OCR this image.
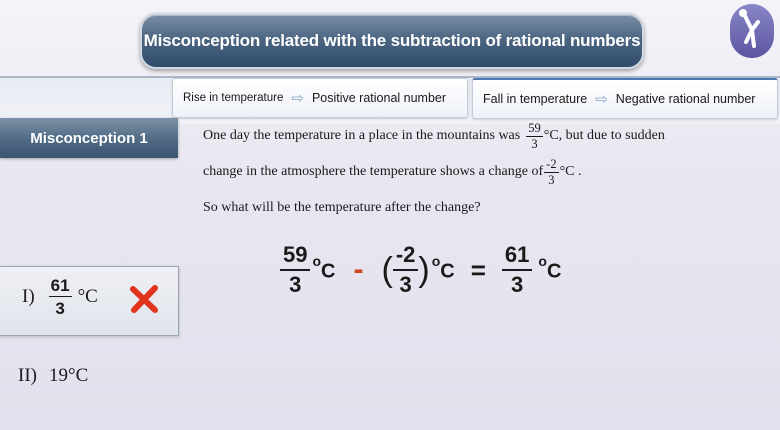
Misconception related with the subtraction of rational numbers
Rise in temperature ⇨ Positive rational number	Fall in temperature ⇨ Negative rational number
Misconception 1	One day the temperature in a place in the mountains was $\frac{59}{3} ^\circ C$, but due to sudden
change in the atmosphere the temperature shows a change of $\frac{-2}{3} ^\circ C$ .
So what will be the temperature after the change?
$\frac{59}{3} ^oC$ - ( $\frac{-2}{3}$ ) $^oC = \frac{61}{3} ^oC$
$I) \frac{61}{3} ^\circ C$
II) 19°C
